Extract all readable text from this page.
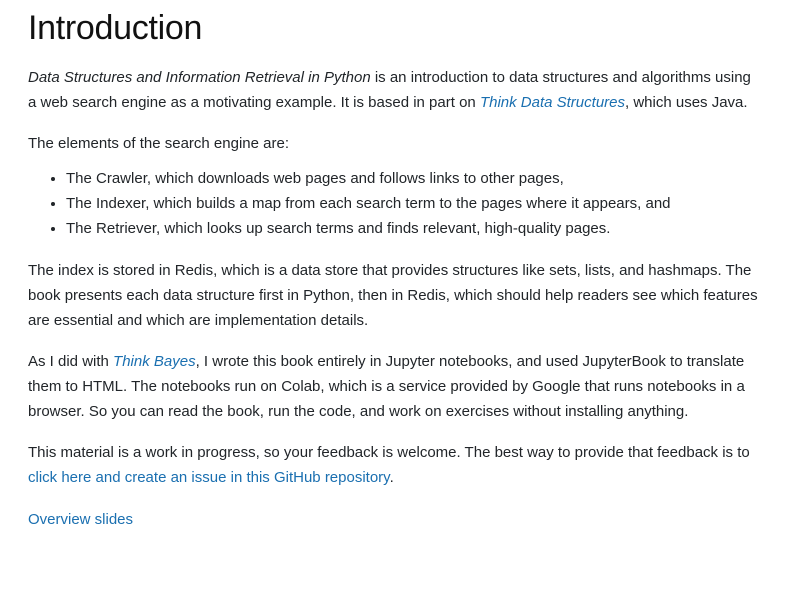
Introduction

Data Structures and Information Retrieval in Python is an introduction to data structures and algorithms using a web search engine as a motivating example. It is based in part on Think Data Structures, which uses Java.

The elements of the search engine are:

• The Crawler, which downloads web pages and follows links to other pages,
• The Indexer, which builds a map from each search term to the pages where it appears, and
• The Retriever, which looks up search terms and finds relevant, high-quality pages.

The index is stored in Redis, which is a data store that provides structures like sets, lists, and hashmaps. The book presents each data structure first in Python, then in Redis, which should help readers see which features are essential and which are implementation details.

As I did with Think Bayes, I wrote this book entirely in Jupyter notebooks, and used JupyterBook to translate them to HTML. The notebooks run on Colab, which is a service provided by Google that runs notebooks in a browser. So you can read the book, run the code, and work on exercises without installing anything.

This material is a work in progress, so your feedback is welcome. The best way to provide that feedback is to click here and create an issue in this GitHub repository.

Overview slides
